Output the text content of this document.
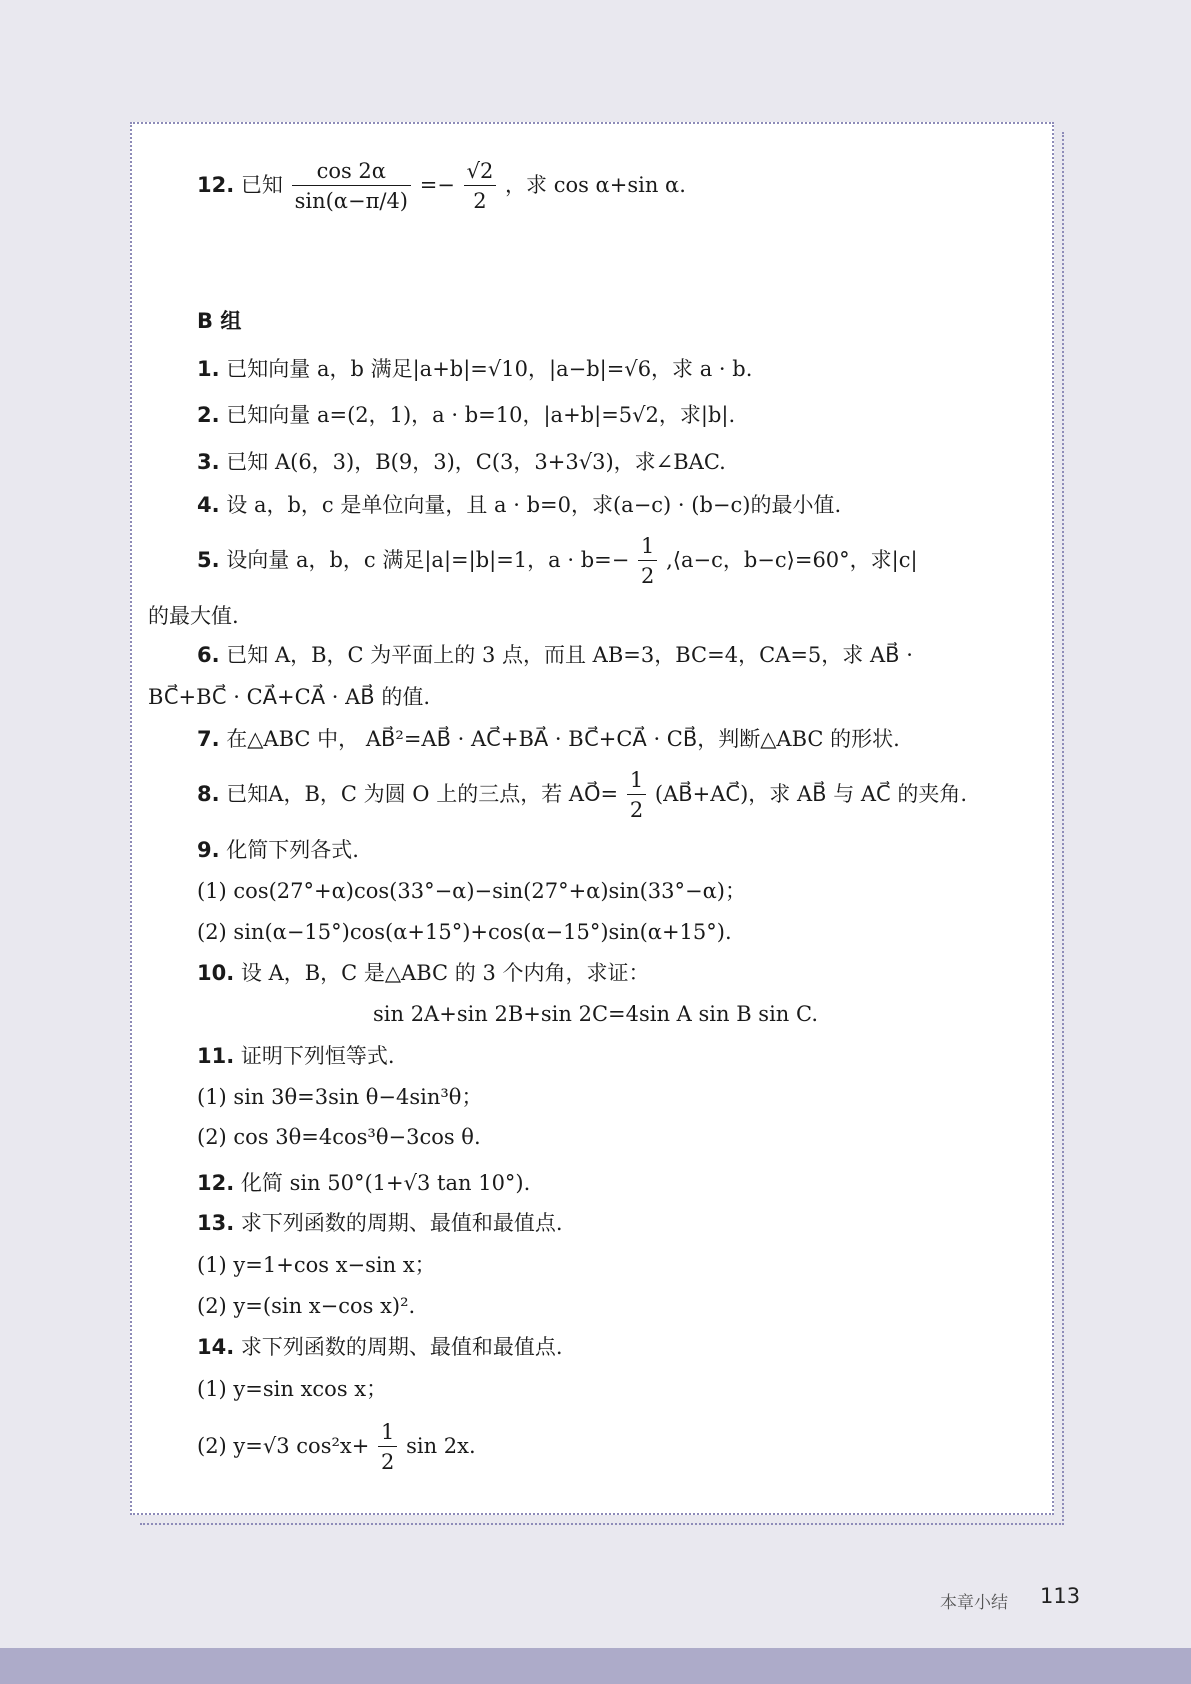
12. 已知 $\frac{\cos 2\alpha}{\sin(\alpha-\pi/4)} =- \frac{√2}{2}$ ，求 cos α+sin α.
B 组
1. 已知向量 a，b 满足|a+b|=√10，|a−b|=√6，求 a · b.
2. 已知向量 a=(2，1)，a · b=10，|a+b|=5√2，求|b|.
3. 已知 A(6，3)，B(9，3)，C(3，3+3√3)，求∠BAC.
4. 设 a，b，c 是单位向量，且 a · b=0，求(a−c) · (b−c)的最小值.
5. 设向量 a，b，c 满足|a|=|b|=1，$a \cdot b=- \frac{1}{2}$ ,⟨a−c，b−c⟩=60°，求|c|
的最大值.
6. 已知 A，B，C 为平面上的 3 点，而且 AB=3，BC=4，CA=5，求 AB⃗ ·
BC⃗+BC⃗ · CA⃗+CA⃗ · AB⃗ 的值.
7. 在△ABC 中， AB⃗²=AB⃗ · AC⃗+BA⃗ · BC⃗+CA⃗ · CB⃗，判断△ABC 的形状.
8. 已知A，B，C 为圆 O 上的三点，若 AO⃗= $\frac{1}{2}$ (AB⃗+AC⃗)，求 AB⃗ 与 AC⃗ 的夹角.
9. 化简下列各式.
(1) cos(27°+α)cos(33°−α)−sin(27°+α)sin(33°−α)；
(2) sin(α−15°)cos(α+15°)+cos(α−15°)sin(α+15°).
10. 设 A，B，C 是△ABC 的 3 个内角，求证：
sin 2A+sin 2B+sin 2C=4sin A sin B sin C.
11. 证明下列恒等式.
(1) sin 3θ=3sin θ−4sin³θ；
(2) cos 3θ=4cos³θ−3cos θ.
12. 化简 sin 50°(1+√3 tan 10°).
13. 求下列函数的周期、最值和最值点.
(1) y=1+cos x−sin x；
(2) y=(sin x−cos x)².
14. 求下列函数的周期、最值和最值点.
(1) y=sin xcos x；
(2) y=√3 $\cos^2x+ \frac{1}{2}$ sin 2x.
本章小结 113
